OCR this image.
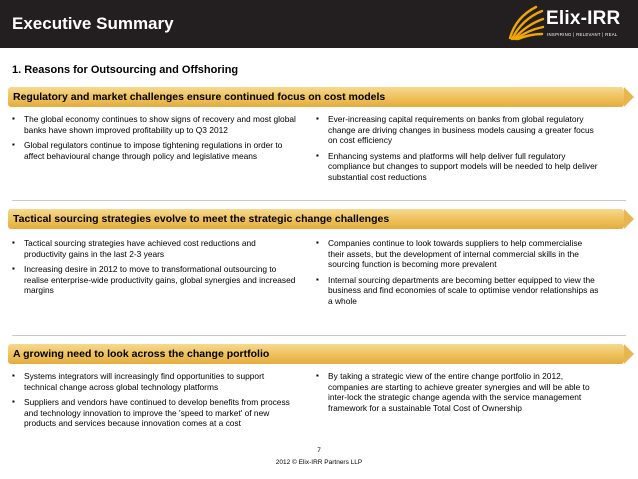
Executive Summary	Elix-IRR
INSPIRING | RELEVANT | REAL
1. Reasons for Outsourcing and Offshoring
Regulatory and market challenges ensure continued focus on cost models
▪ The global economy continues to show signs of recovery and most global banks have shown improved profitability up to Q3 2012
▪ Global regulators continue to impose tightening regulations in order to affect behavioural change through policy and legislative means
▪ Ever-increasing capital requirements on banks from global regulatory change are driving changes in business models causing a greater focus on cost efficiency
▪ Enhancing systems and platforms will help deliver full regulatory compliance but changes to support models will be needed to help deliver substantial cost reductions
Tactical sourcing strategies evolve to meet the strategic change challenges
▪ Tactical sourcing strategies have achieved cost reductions and productivity gains in the last 2-3 years
▪ Increasing desire in 2012 to move to transformational outsourcing to realise enterprise-wide productivity gains, global synergies and increased margins
▪ Companies continue to look towards suppliers to help commercialise their assets, but the development of internal commercial skills in the sourcing function is becoming more prevalent
▪ Internal sourcing departments are becoming better equipped to view the business and find economies of scale to optimise vendor relationships as a whole
A growing need to look across the change portfolio
▪ Systems integrators will increasingly find opportunities to support technical change across global technology platforms
▪ Suppliers and vendors have continued to develop benefits from process and technology innovation to improve the 'speed to market' of new products and services because innovation comes at a cost
▪ By taking a strategic view of the entire change portfolio in 2012, companies are starting to achieve greater synergies and will be able to inter-lock the strategic change agenda with the service management framework for a sustainable Total Cost of Ownership
7
2012 © Elix-IRR Partners LLP
